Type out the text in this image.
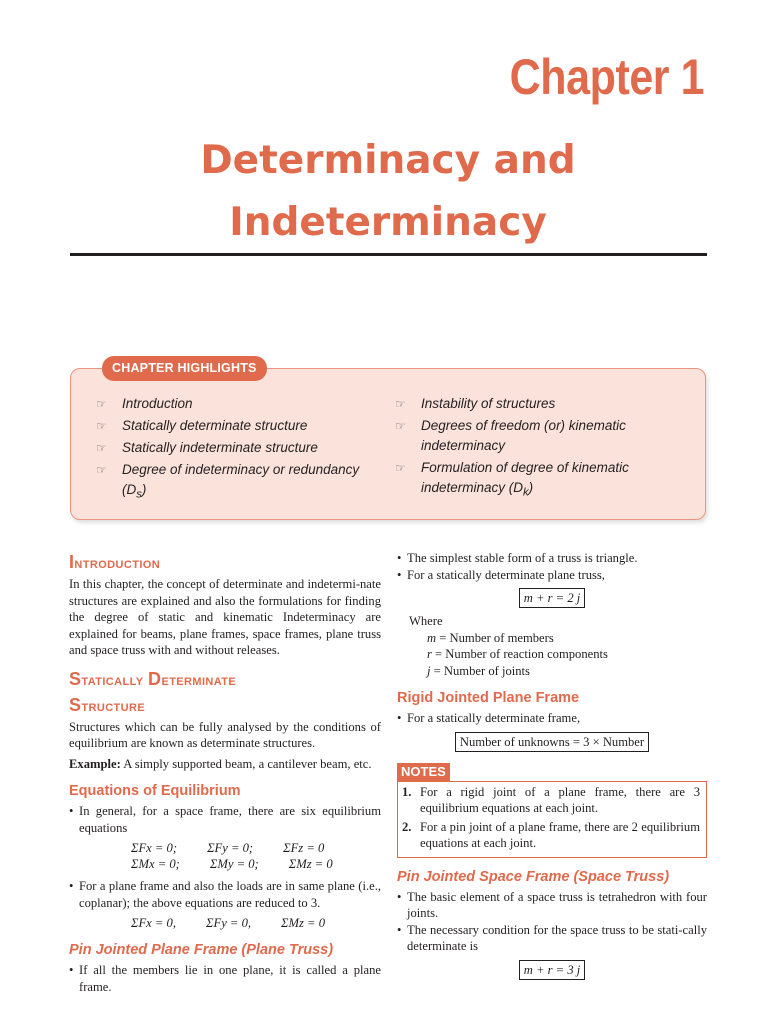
Chapter 1
Determinacy and
Indeterminacy
CHAPTER HIGHLIGHTS
☞ Introduction
☞ Statically determinate structure
☞ Statically indeterminate structure
☞ Degree of indeterminacy or redundancy $(D_s)$
☞ Instability of structures
☞ Degrees of freedom (or) kinematic indeterminacy
☞ Formulation of degree of kinematic indeterminacy $(D_k)$
Introduction

In this chapter, the concept of determinate and indetermi-nate structures are explained and also the formulations for finding the degree of static and kinematic Indeterminacy are explained for beams, plane frames, space frames, plane truss and space truss with and without releases.

Statically Determinate
Structure

Structures which can be fully analysed by the conditions of equilibrium are known as determinate structures.

Example: A simply supported beam, a cantilever beam, etc.

Equations of Equilibrium
• In general, for a space frame, there are six equilibrium equations
ΣFx = 0; ΣFy = 0; ΣFz = 0
ΣMx = 0; ΣMy = 0; ΣMz = 0
• For a plane frame and also the loads are in same plane (i.e., coplanar); the above equations are reduced to 3.
ΣFx = 0, ΣFy = 0, ΣMz = 0
Pin Jointed Plane Frame (Plane Truss)
• If all the members lie in one plane, it is called a plane frame.
• The simplest stable form of a truss is triangle.
• For a statically determinate plane truss,
m + r = 2 j
Where
m = Number of members
r = Number of reaction components
j = Number of joints
Rigid Jointed Plane Frame
• For a statically determinate frame,
Number of unknowns = 3 × Number
NOTES
1. For a rigid joint of a plane frame, there are 3 equilibrium equations at each joint.
2. For a pin joint of a plane frame, there are 2 equilibrium equations at each joint.
Pin Jointed Space Frame (Space Truss)
• The basic element of a space truss is tetrahedron with four joints.
• The necessary condition for the space truss to be stati-cally determinate is
m + r = 3 j
